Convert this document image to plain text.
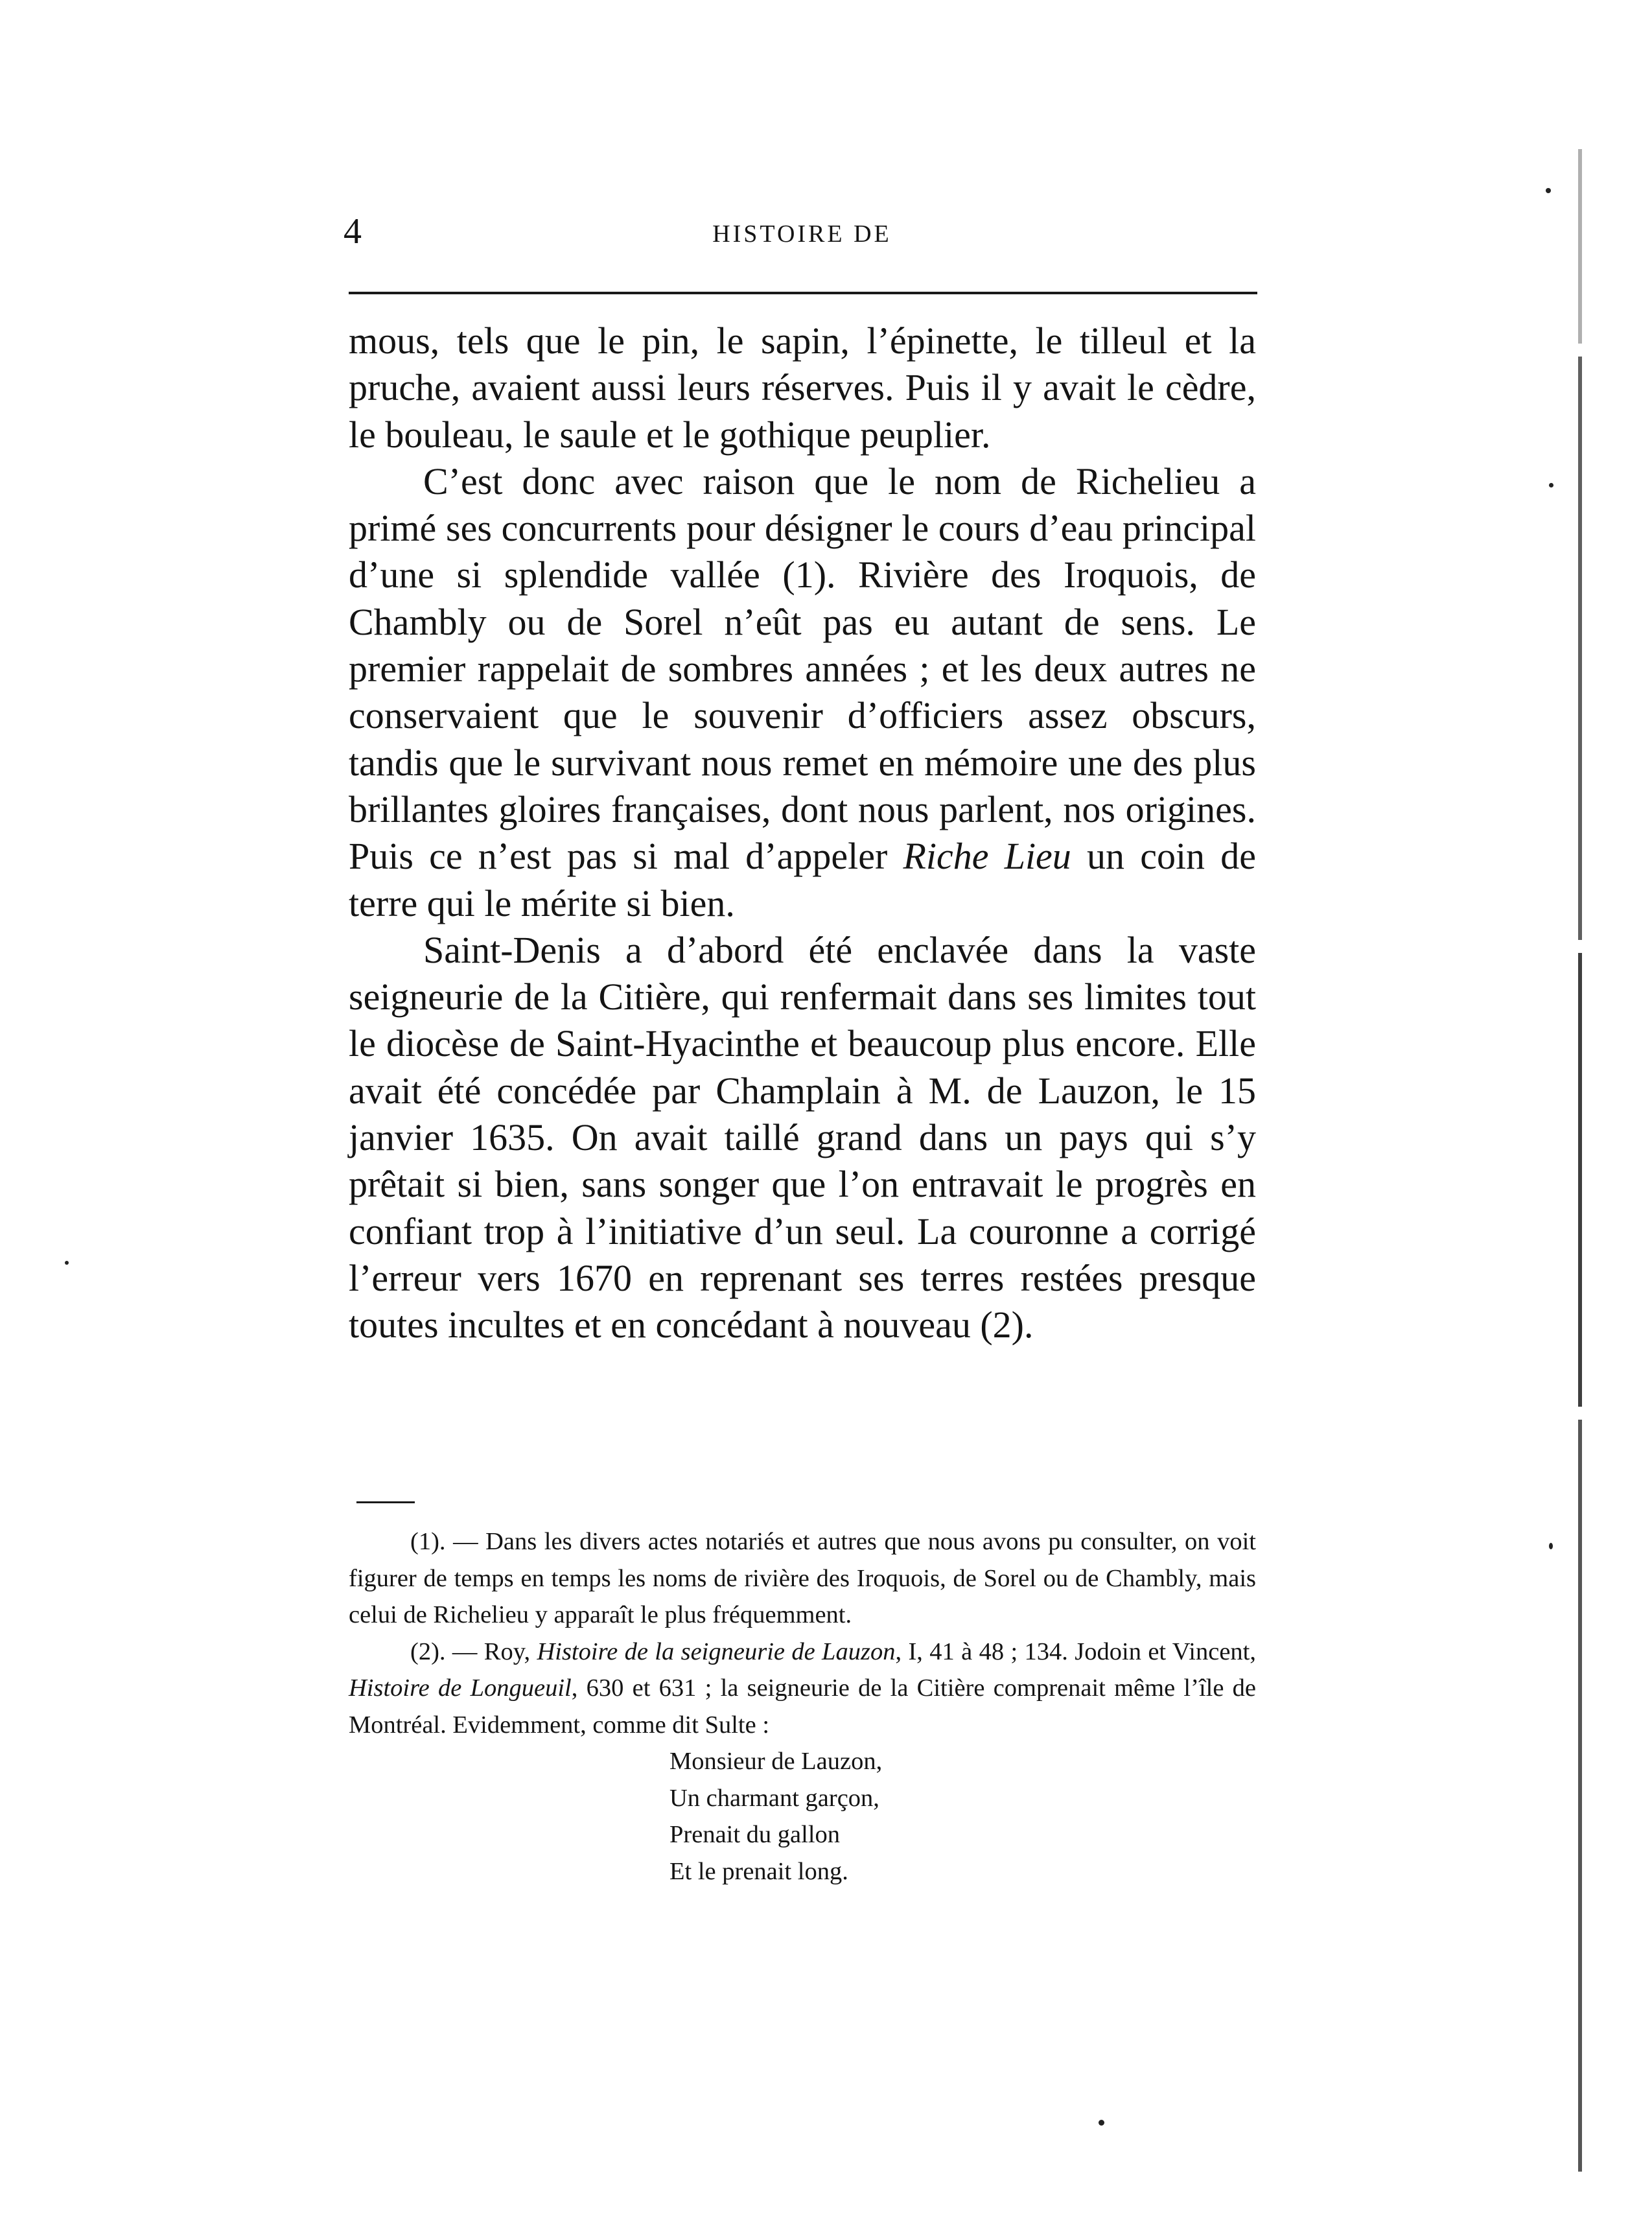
4	HISTOIRE DE

mous, tels que le pin, le sapin, l’épinette, le tilleul et la pruche, avaient aussi leurs réserves. Puis il y avait le cèdre, le bouleau, le saule et le gothique peuplier.

C’est donc avec raison que le nom de Richelieu a primé ses concurrents pour désigner le cours d’eau principal d’une si splendide vallée (1). Rivière des Iroquois, de Chambly ou de Sorel n’eût pas eu autant de sens. Le premier rappelait de sombres années ; et les deux autres ne conservaient que le souvenir d’officiers assez obscurs, tandis que le survivant nous remet en mémoire une des plus brillantes gloires françaises, dont nous parlent, nos origines. Puis ce n’est pas si mal d’appeler Riche Lieu un coin de terre qui le mérite si bien.

Saint-Denis a d’abord été enclavée dans la vaste seigneurie de la Citière, qui renfermait dans ses limites tout le diocèse de Saint-Hyacinthe et beaucoup plus encore. Elle avait été concédée par Champlain à M. de Lauzon, le 15 janvier 1635. On avait taillé grand dans un pays qui s’y prêtait si bien, sans songer que l’on entravait le progrès en confiant trop à l’initiative d’un seul. La couronne a corrigé l’erreur vers 1670 en reprenant ses terres restées presque toutes incultes et en concédant à nouveau (2).

(1). — Dans les divers actes notariés et autres que nous avons pu consulter, on voit figurer de temps en temps les noms de rivière des Iroquois, de Sorel ou de Chambly, mais celui de Richelieu y apparaît le plus fréquemment.

(2). — Roy, Histoire de la seigneurie de Lauzon, I, 41 à 48 ; 134. Jodoin et Vincent, Histoire de Longueuil, 630 et 631 ; la seigneurie de la Citière comprenait même l’île de Montréal. Evidemment, comme dit Sulte :

Monsieur de Lauzon,
Un charmant garçon,
Prenait du gallon
Et le prenait long.
